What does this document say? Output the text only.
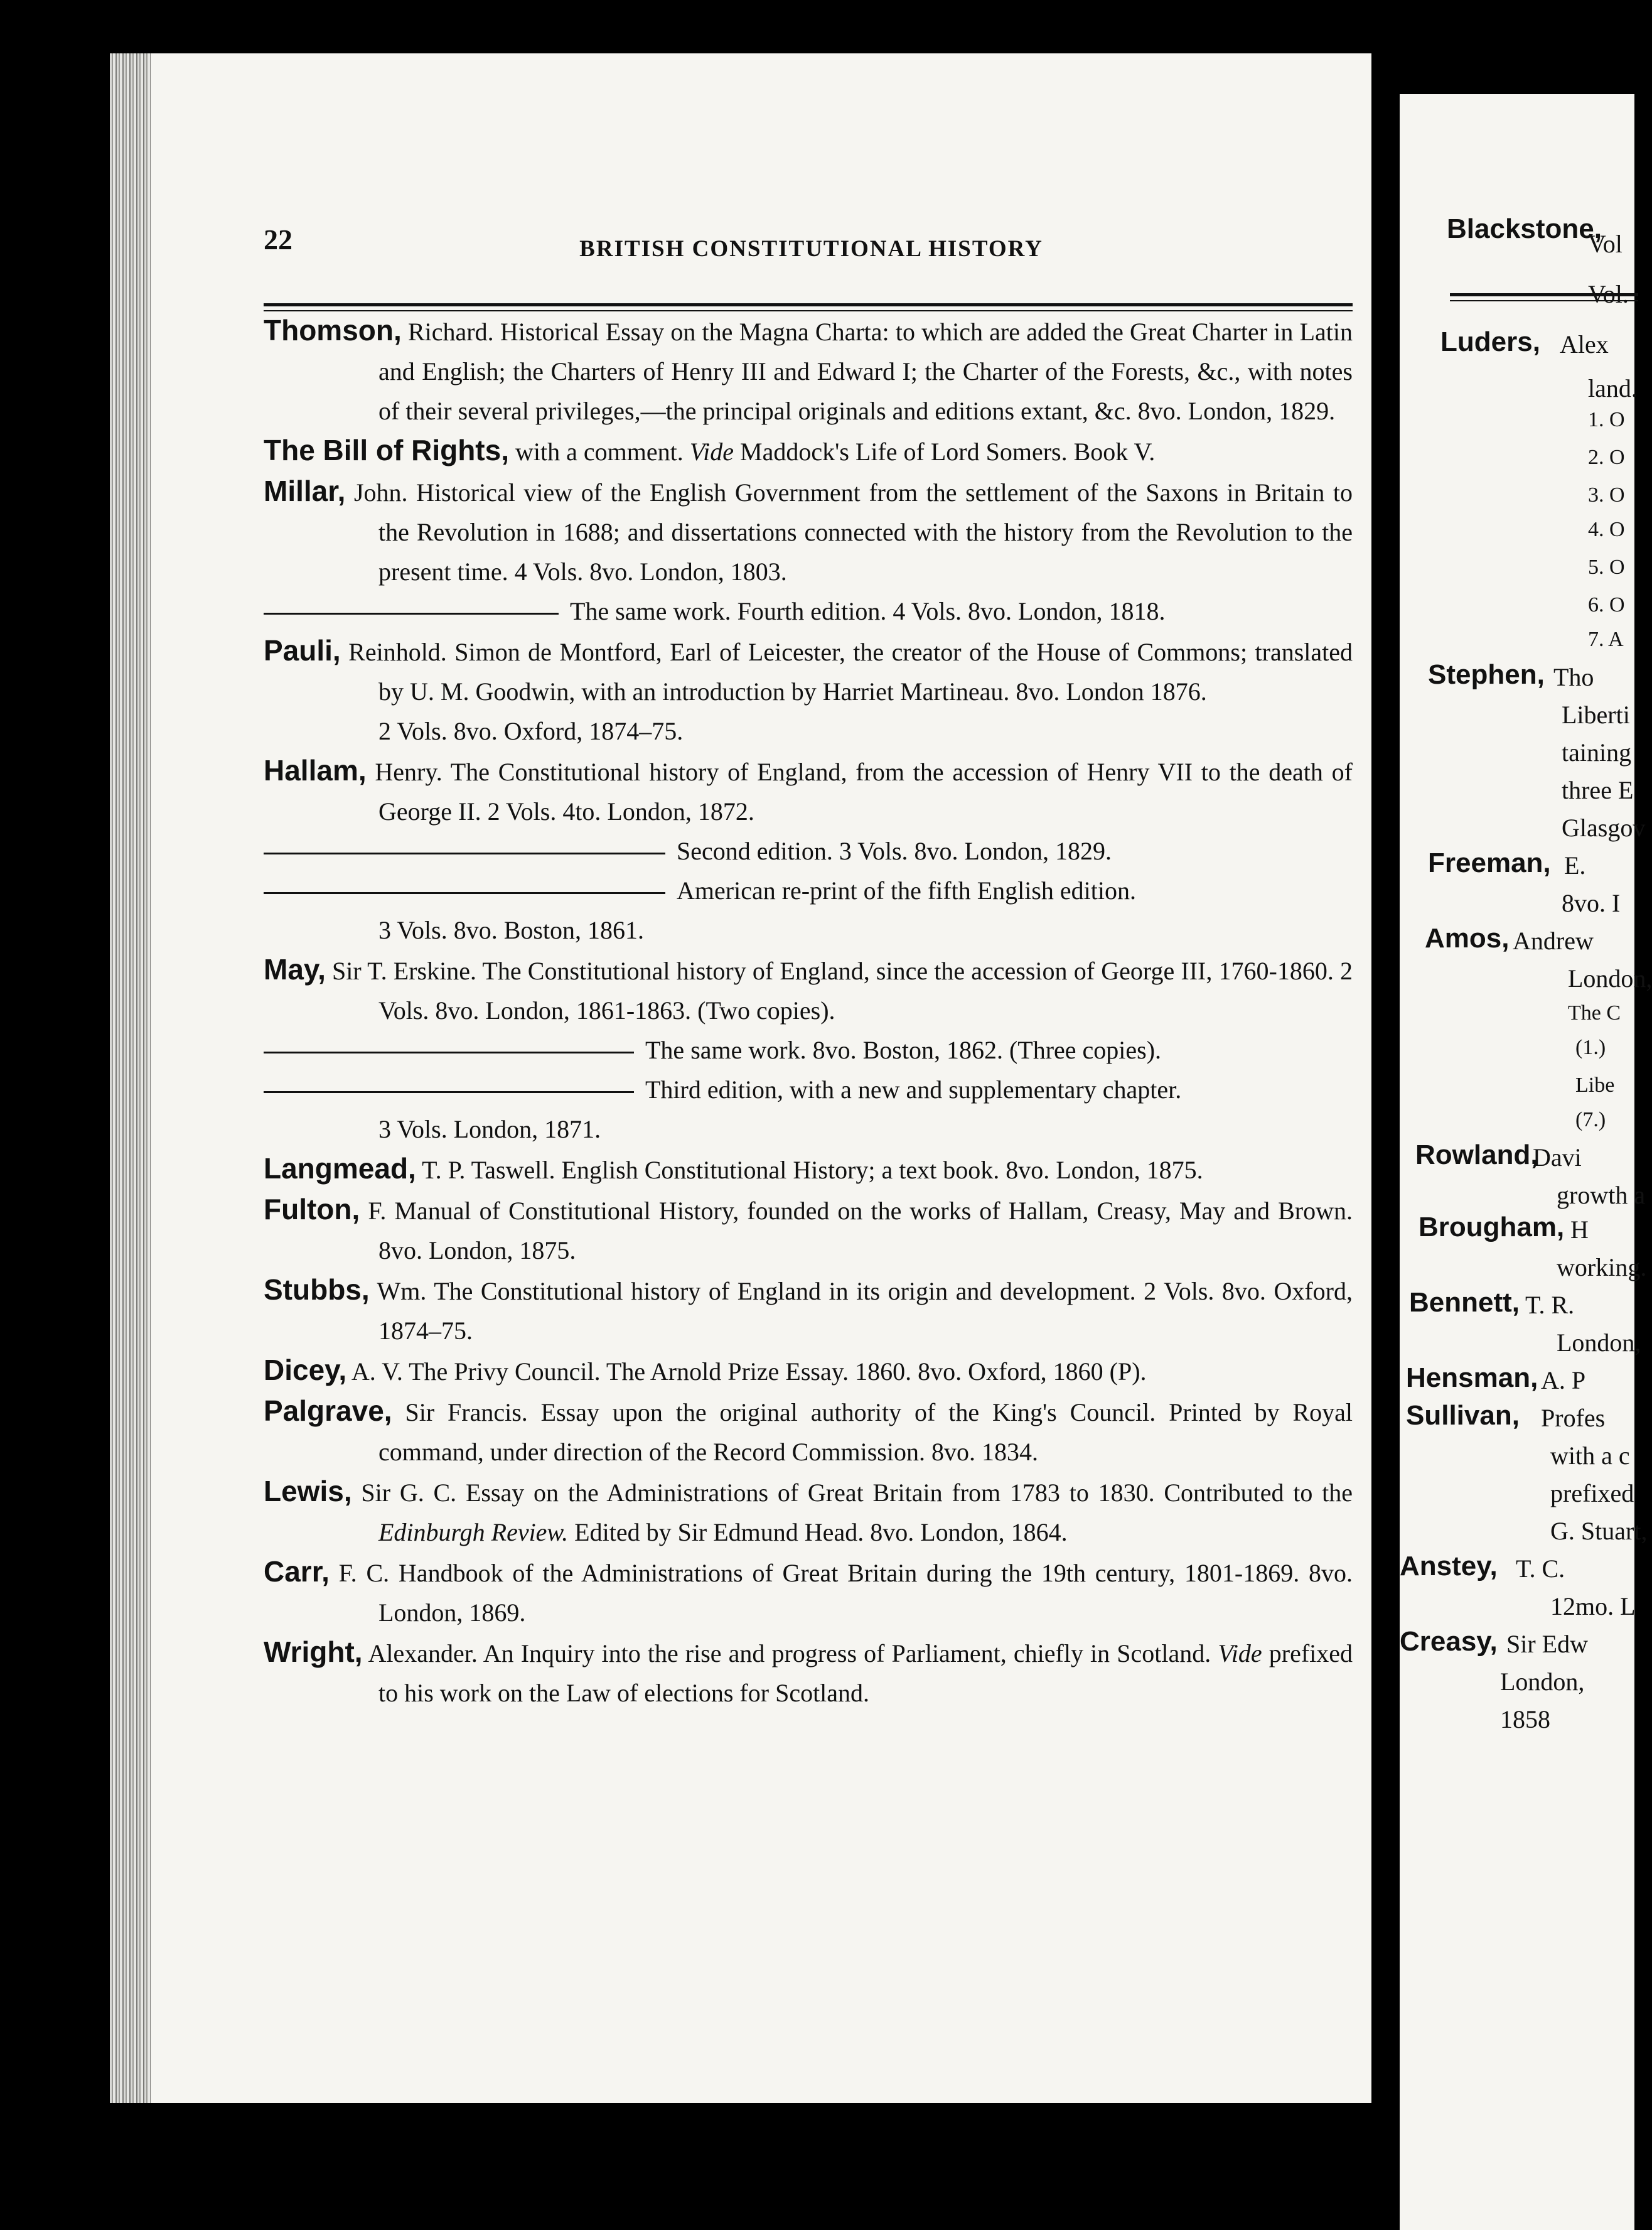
22	BRITISH CONSTITUTIONAL HISTORY
Thomson, Richard. Historical Essay on the Magna Charta: to which are added the Great Charter in Latin and English; the Charters of Henry III and Edward I; the Charter of the Forests, &c., with notes of their several privileges,—the principal originals and editions extant, &c. 8vo. London, 1829.
The Bill of Rights, with a comment. Vide Maddock's Life of Lord Somers. Book V.
Millar, John. Historical view of the English Government from the settlement of the Saxons in Britain to the Revolution in 1688; and dissertations connected with the history from the Revolution to the present time. 4 Vols. 8vo. London, 1803.
The same work. Fourth edition. 4 Vols. 8vo. London, 1818.
Pauli, Reinhold. Simon de Montford, Earl of Leicester, the creator of the House of Commons; translated by U. M. Goodwin, with an introduction by Harriet Martineau. 8vo. London 1876.
2 Vols. 8vo. Oxford, 1874–75.
Hallam, Henry. The Constitutional history of England, from the accession of Henry VII to the death of George II. 2 Vols. 4to. London, 1872.
Second edition. 3 Vols. 8vo. London, 1829.
American re-print of the fifth English edition.
3 Vols. 8vo. Boston, 1861.
May, Sir T. Erskine. The Constitutional history of England, since the accession of George III, 1760-1860. 2 Vols. 8vo. London, 1861-1863. (Two copies).
The same work. 8vo. Boston, 1862. (Three copies).
Third edition, with a new and supplementary chapter.
3 Vols. London, 1871.
Langmead, T. P. Taswell. English Constitutional History; a text book. 8vo. London, 1875.
Fulton, F. Manual of Constitutional History, founded on the works of Hallam, Creasy, May and Brown. 8vo. London, 1875.
Stubbs, Wm. The Constitutional history of England in its origin and development. 2 Vols. 8vo. Oxford, 1874–75.
Dicey, A. V. The Privy Council. The Arnold Prize Essay. 1860. 8vo. Oxford, 1860 (P).
Palgrave, Sir Francis. Essay upon the original authority of the King's Council. Printed by Royal command, under direction of the Record Commission. 8vo. 1834.
Lewis, Sir G. C. Essay on the Administrations of Great Britain from 1783 to 1830. Contributed to the Edinburgh Review. Edited by Sir Edmund Head. 8vo. London, 1864.
Carr, F. C. Handbook of the Administrations of Great Britain during the 19th century, 1801-1869. 8vo. London, 1869.
Wright, Alexander. An Inquiry into the rise and progress of Parliament, chiefly in Scotland. Vide prefixed to his work on the Law of elections for Scotland.
Blackstone,
Vol
Vol.
Luders, Alex
land.
1. O
2. O
3. O
4. O
5. O
6. O
7. A
Stephen, Tho
Liberti
taining
three E
Glasgov
Freeman, E.
8vo. I
Amos, Andrew
London,
The C
(1.)
Libe
(7.)
Rowland,
Davi
growth a
Brougham, H
working.
Bennett, T. R.
London,
Hensman, A. P
Sullivan, Profes
with a c
prefixed
G. Stuart,
Anstey, T. C.
12mo. L
Creasy, Sir Edw
London,
1858
